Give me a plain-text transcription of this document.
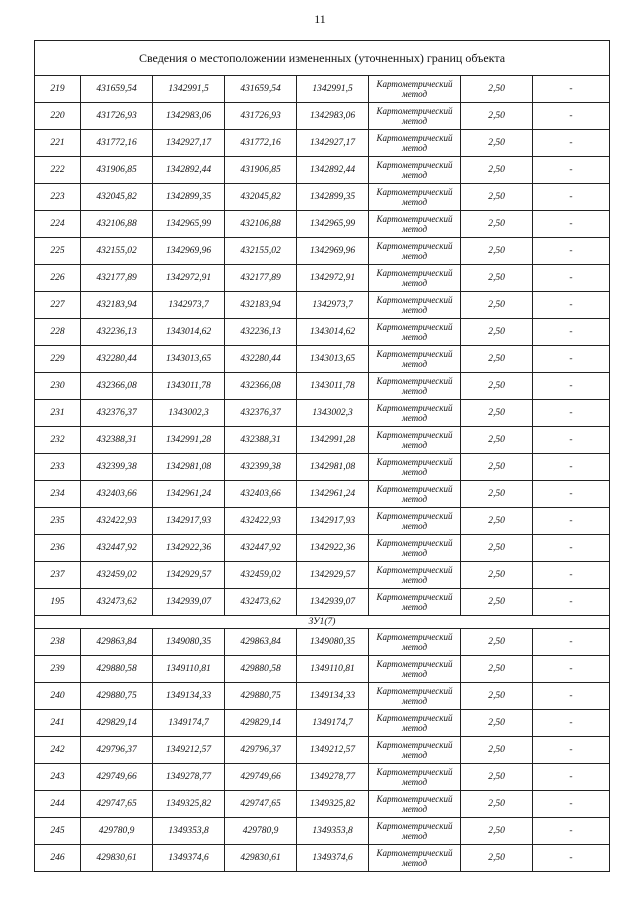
11
Сведения о местоположении измененных (уточненных) границ объекта							
219	431659,54	1342991,5	431659,54	1342991,5	Картометрический метод	2,50	-
220	431726,93	1342983,06	431726,93	1342983,06	Картометрический метод	2,50	-
221	431772,16	1342927,17	431772,16	1342927,17	Картометрический метод	2,50	-
222	431906,85	1342892,44	431906,85	1342892,44	Картометрический метод	2,50	-
223	432045,82	1342899,35	432045,82	1342899,35	Картометрический метод	2,50	-
224	432106,88	1342965,99	432106,88	1342965,99	Картометрический метод	2,50	-
225	432155,02	1342969,96	432155,02	1342969,96	Картометрический метод	2,50	-
226	432177,89	1342972,91	432177,89	1342972,91	Картометрический метод	2,50	-
227	432183,94	1342973,7	432183,94	1342973,7	Картометрический метод	2,50	-
228	432236,13	1343014,62	432236,13	1343014,62	Картометрический метод	2,50	-
229	432280,44	1343013,65	432280,44	1343013,65	Картометрический метод	2,50	-
230	432366,08	1343011,78	432366,08	1343011,78	Картометрический метод	2,50	-
231	432376,37	1343002,3	432376,37	1343002,3	Картометрический метод	2,50	-
232	432388,31	1342991,28	432388,31	1342991,28	Картометрический метод	2,50	-
233	432399,38	1342981,08	432399,38	1342981,08	Картометрический метод	2,50	-
234	432403,66	1342961,24	432403,66	1342961,24	Картометрический метод	2,50	-
235	432422,93	1342917,93	432422,93	1342917,93	Картометрический метод	2,50	-
236	432447,92	1342922,36	432447,92	1342922,36	Картометрический метод	2,50	-
237	432459,02	1342929,57	432459,02	1342929,57	Картометрический метод	2,50	-
195	432473,62	1342939,07	432473,62	1342939,07	Картометрический метод	2,50	-
ЗУ1(7)							
238	429863,84	1349080,35	429863,84	1349080,35	Картометрический метод	2,50	-
239	429880,58	1349110,81	429880,58	1349110,81	Картометрический метод	2,50	-
240	429880,75	1349134,33	429880,75	1349134,33	Картометрический метод	2,50	-
241	429829,14	1349174,7	429829,14	1349174,7	Картометрический метод	2,50	-
242	429796,37	1349212,57	429796,37	1349212,57	Картометрический метод	2,50	-
243	429749,66	1349278,77	429749,66	1349278,77	Картометрический метод	2,50	-
244	429747,65	1349325,82	429747,65	1349325,82	Картометрический метод	2,50	-
245	429780,9	1349353,8	429780,9	1349353,8	Картометрический метод	2,50	-
246	429830,61	1349374,6	429830,61	1349374,6	Картометрический метод	2,50	-
